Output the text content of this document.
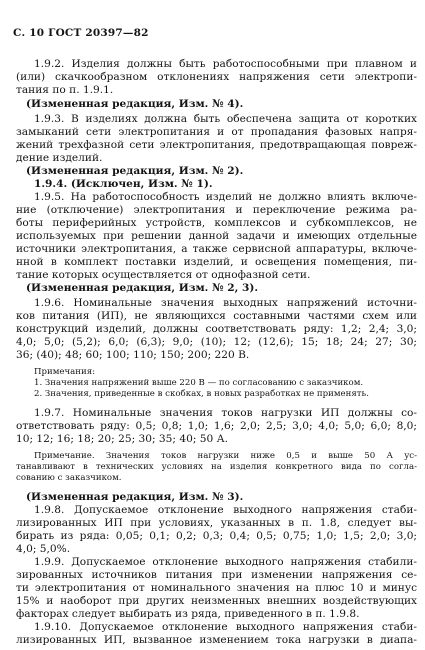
С. 10 ГОСТ 20397—82
1.9.2. Изделия должны быть работоспособными при плавном и
(или) скачкообразном отклонениях напряжения сети электропи-
тания по п. 1.9.1.
(Измененная редакция, Изм. № 4).
1.9.3. В изделиях должна быть обеспечена защита от коротких
замыканий сети электропитания и от пропадания фазовых напря-
жений трехфазной сети электропитания, предотвращающая повреж-
дение изделий.
(Измененная редакция, Изм. № 2).
1.9.4. (Исключен, Изм. № 1).
1.9.5. На работоспособность изделий не должно влиять включе-
ние (отключение) электропитания и переключение режима ра-
боты периферийных устройств, комплексов и субкомплексов, не
используемых при решении данной задачи и имеющих отдельные
источники электропитания, а также сервисной аппаратуры, включе-
нной в комплект поставки изделий, и освещения помещения, пи-
тание которых осуществляется от однофазной сети.
(Измененная редакция, Изм. № 2, 3).
1.9.6. Номинальные значения выходных напряжений источни-
ков питания (ИП), не являющихся составными частями схем или
конструкций изделий, должны соответствовать ряду: 1,2; 2,4; 3,0;
4,0; 5,0; (5,2); 6,0; (6,3); 9,0; (10); 12; (12,6); 15; 18; 24; 27; 30;
36; (40); 48; 60; 100; 110; 150; 200; 220 В.
Примечания:
1. Значения напряжений выше 220 В — по согласованию с заказчиком.
2. Значения, приведенные в скобках, в новых разработках не применять.
1.9.7. Номинальные значения токов нагрузки ИП должны со-
ответствовать ряду: 0,5; 0,8; 1,0; 1,6; 2,0; 2,5; 3,0; 4,0; 5,0; 6,0; 8,0;
10; 12; 16; 18; 20; 25; 30; 35; 40; 50 А.
Примечание. Значения токов нагрузки ниже 0,5 и выше 50 А ус-
танавливают в технических условиях на изделия конкретного вида по согла-
сованию с заказчиком.
(Измененная редакция, Изм. № 3).
1.9.8. Допускаемое отклонение выходного напряжения стаби-
лизированных ИП при условиях, указанных в п. 1.8, следует вы-
бирать из ряда: 0,05; 0,1; 0,2; 0,3; 0,4; 0,5; 0,75; 1,0; 1,5; 2,0; 3,0;
4,0; 5,0%.
1.9.9. Допускаемое отклонение выходного напряжения стабили-
зированных источников питания при изменении напряжения се-
ти электропитания от номинального значения на плюс 10 и минус
15% и наоборот при других неизменных внешних воздействующих
факторах следует выбирать из ряда, приведенного в п. 1.9.8.
1.9.10. Допускаемое отклонение выходного напряжения стаби-
лизированных ИП, вызванное изменением тока нагрузки в диапа-
